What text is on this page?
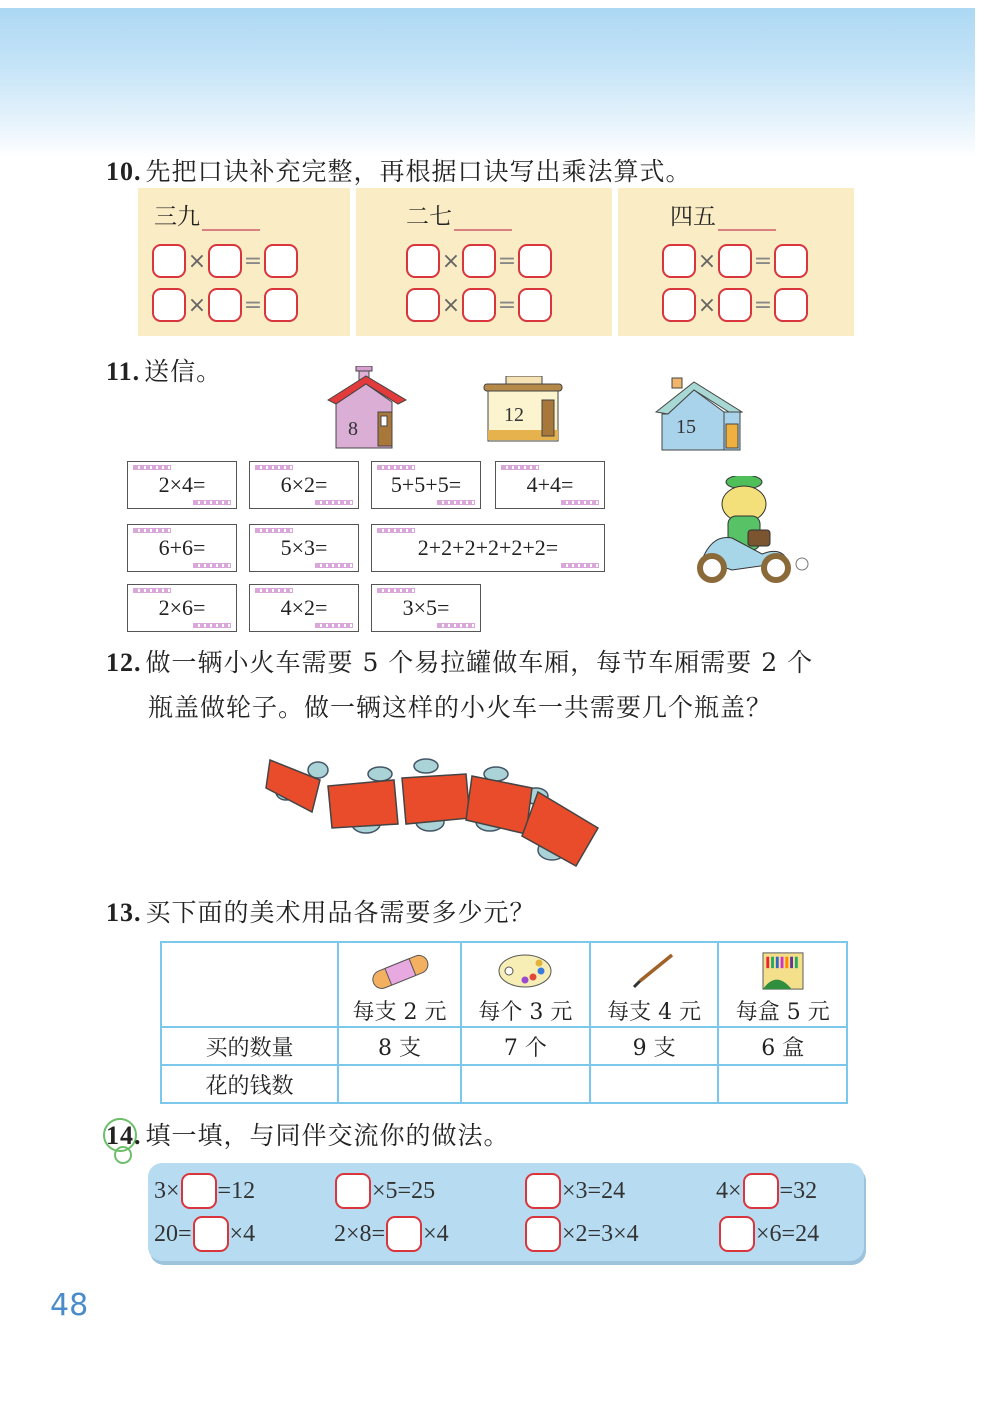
10. 先把口诀补充完整，再根据口诀写出乘法算式。
三九
× =
× =
二七
× =
× =
四五
× =
× =
11. 送信。
8
12
15
2×4=	6×2=	5+5+5=	4+4=
6+6=	5×3=	2+2+2+2+2+2=
2×6=	4×2=	3×5=
12. 做一辆小火车需要 5 个易拉罐做车厢，每节车厢需要 2 个
瓶盖做轮子。做一辆这样的小火车一共需要几个瓶盖？
13. 买下面的美术用品各需要多少元？

	每支 2 元	每个 3 元	每支 4 元	每盒 5 元

买的数量	8 支	7 个	9 支	6 盒
花的钱数				
14. 填一填，与同伴交流你的做法。
3× =12	×5=25	×3=24	4× =32
20= ×4	2×8= ×4	×2=3×4	×6=24
48
